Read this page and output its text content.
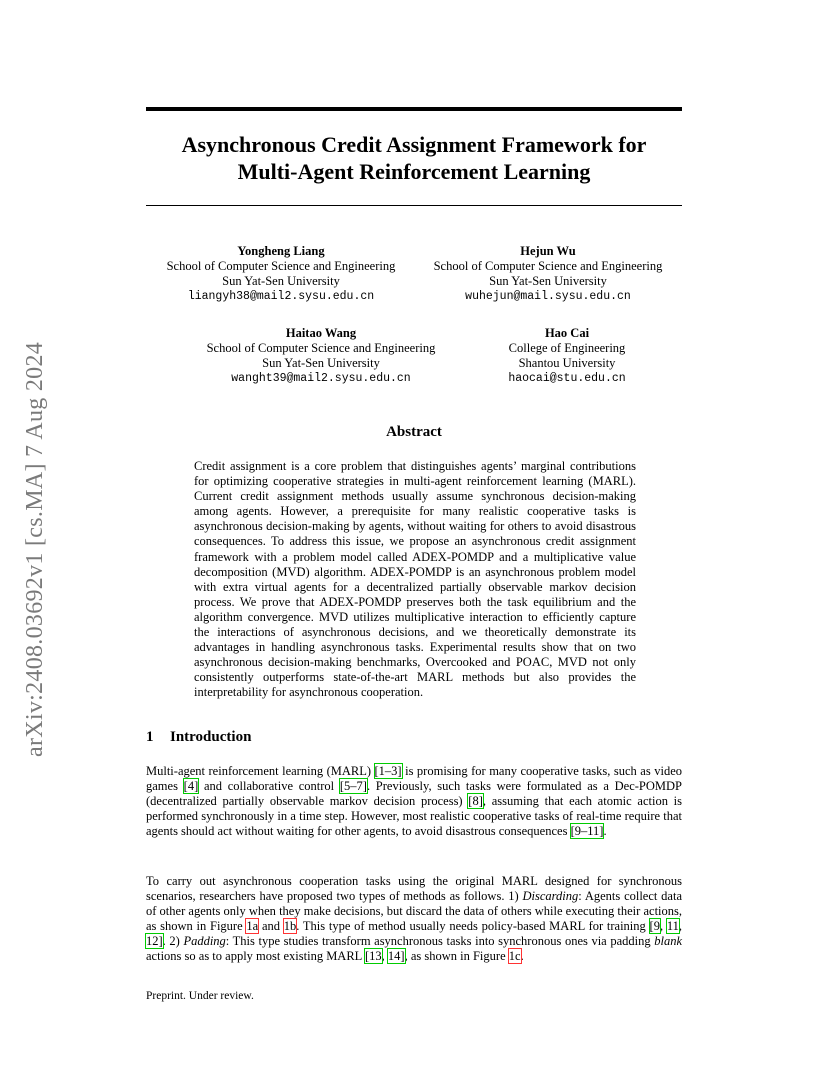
arXiv:2408.03692v1 [cs.MA] 7 Aug 2024
Asynchronous Credit Assignment Framework for
Multi-Agent Reinforcement Learning
Yongheng Liang
School of Computer Science and Engineering
Sun Yat-Sen University
liangyh38@mail2.sysu.edu.cn
Hejun Wu
School of Computer Science and Engineering
Sun Yat-Sen University
wuhejun@mail.sysu.edu.cn
Haitao Wang
School of Computer Science and Engineering
Sun Yat-Sen University
wanght39@mail2.sysu.edu.cn
Hao Cai
College of Engineering
Shantou University
haocai@stu.edu.cn
Abstract
Credit assignment is a core problem that distinguishes agents’ marginal contributions for optimizing cooperative strategies in multi-agent reinforcement learning (MARL). Current credit assignment methods usually assume synchronous decision-making among agents. However, a prerequisite for many realistic cooperative tasks is asynchronous decision-making by agents, without waiting for others to avoid disastrous consequences. To address this issue, we propose an asynchronous credit assignment framework with a problem model called ADEX-POMDP and a multiplicative value decomposition (MVD) algorithm. ADEX-POMDP is an asynchronous problem model with extra virtual agents for a decentralized partially observable markov decision process. We prove that ADEX-POMDP preserves both the task equilibrium and the algorithm convergence. MVD utilizes multiplicative interaction to efficiently capture the interactions of asynchronous decisions, and we theoretically demonstrate its advantages in handling asynchronous tasks. Experimental results show that on two asynchronous decision-making benchmarks, Overcooked and POAC, MVD not only consistently outperforms state-of-the-art MARL methods but also provides the interpretability for asynchronous cooperation.
1 Introduction

Multi-agent reinforcement learning (MARL) [1–3] is promising for many cooperative tasks, such as video games [4] and collaborative control [5–7]. Previously, such tasks were formulated as a Dec-POMDP (decentralized partially observable markov decision process) [8], assuming that each atomic action is performed synchronously in a time step. However, most realistic cooperative tasks of real-time require that agents should act without waiting for other agents, to avoid disastrous consequences [9–11].

To carry out asynchronous cooperation tasks using the original MARL designed for synchronous scenarios, researchers have proposed two types of methods as follows. 1) Discarding: Agents collect data of other agents only when they make decisions, but discard the data of others while executing their actions, as shown in Figure 1a and 1b. This type of method usually needs policy-based MARL for training [9, 11, 12]. 2) Padding: This type studies transform asynchronous tasks into synchronous ones via padding blank actions so as to apply most existing MARL [13, 14], as shown in Figure 1c.

Preprint. Under review.
